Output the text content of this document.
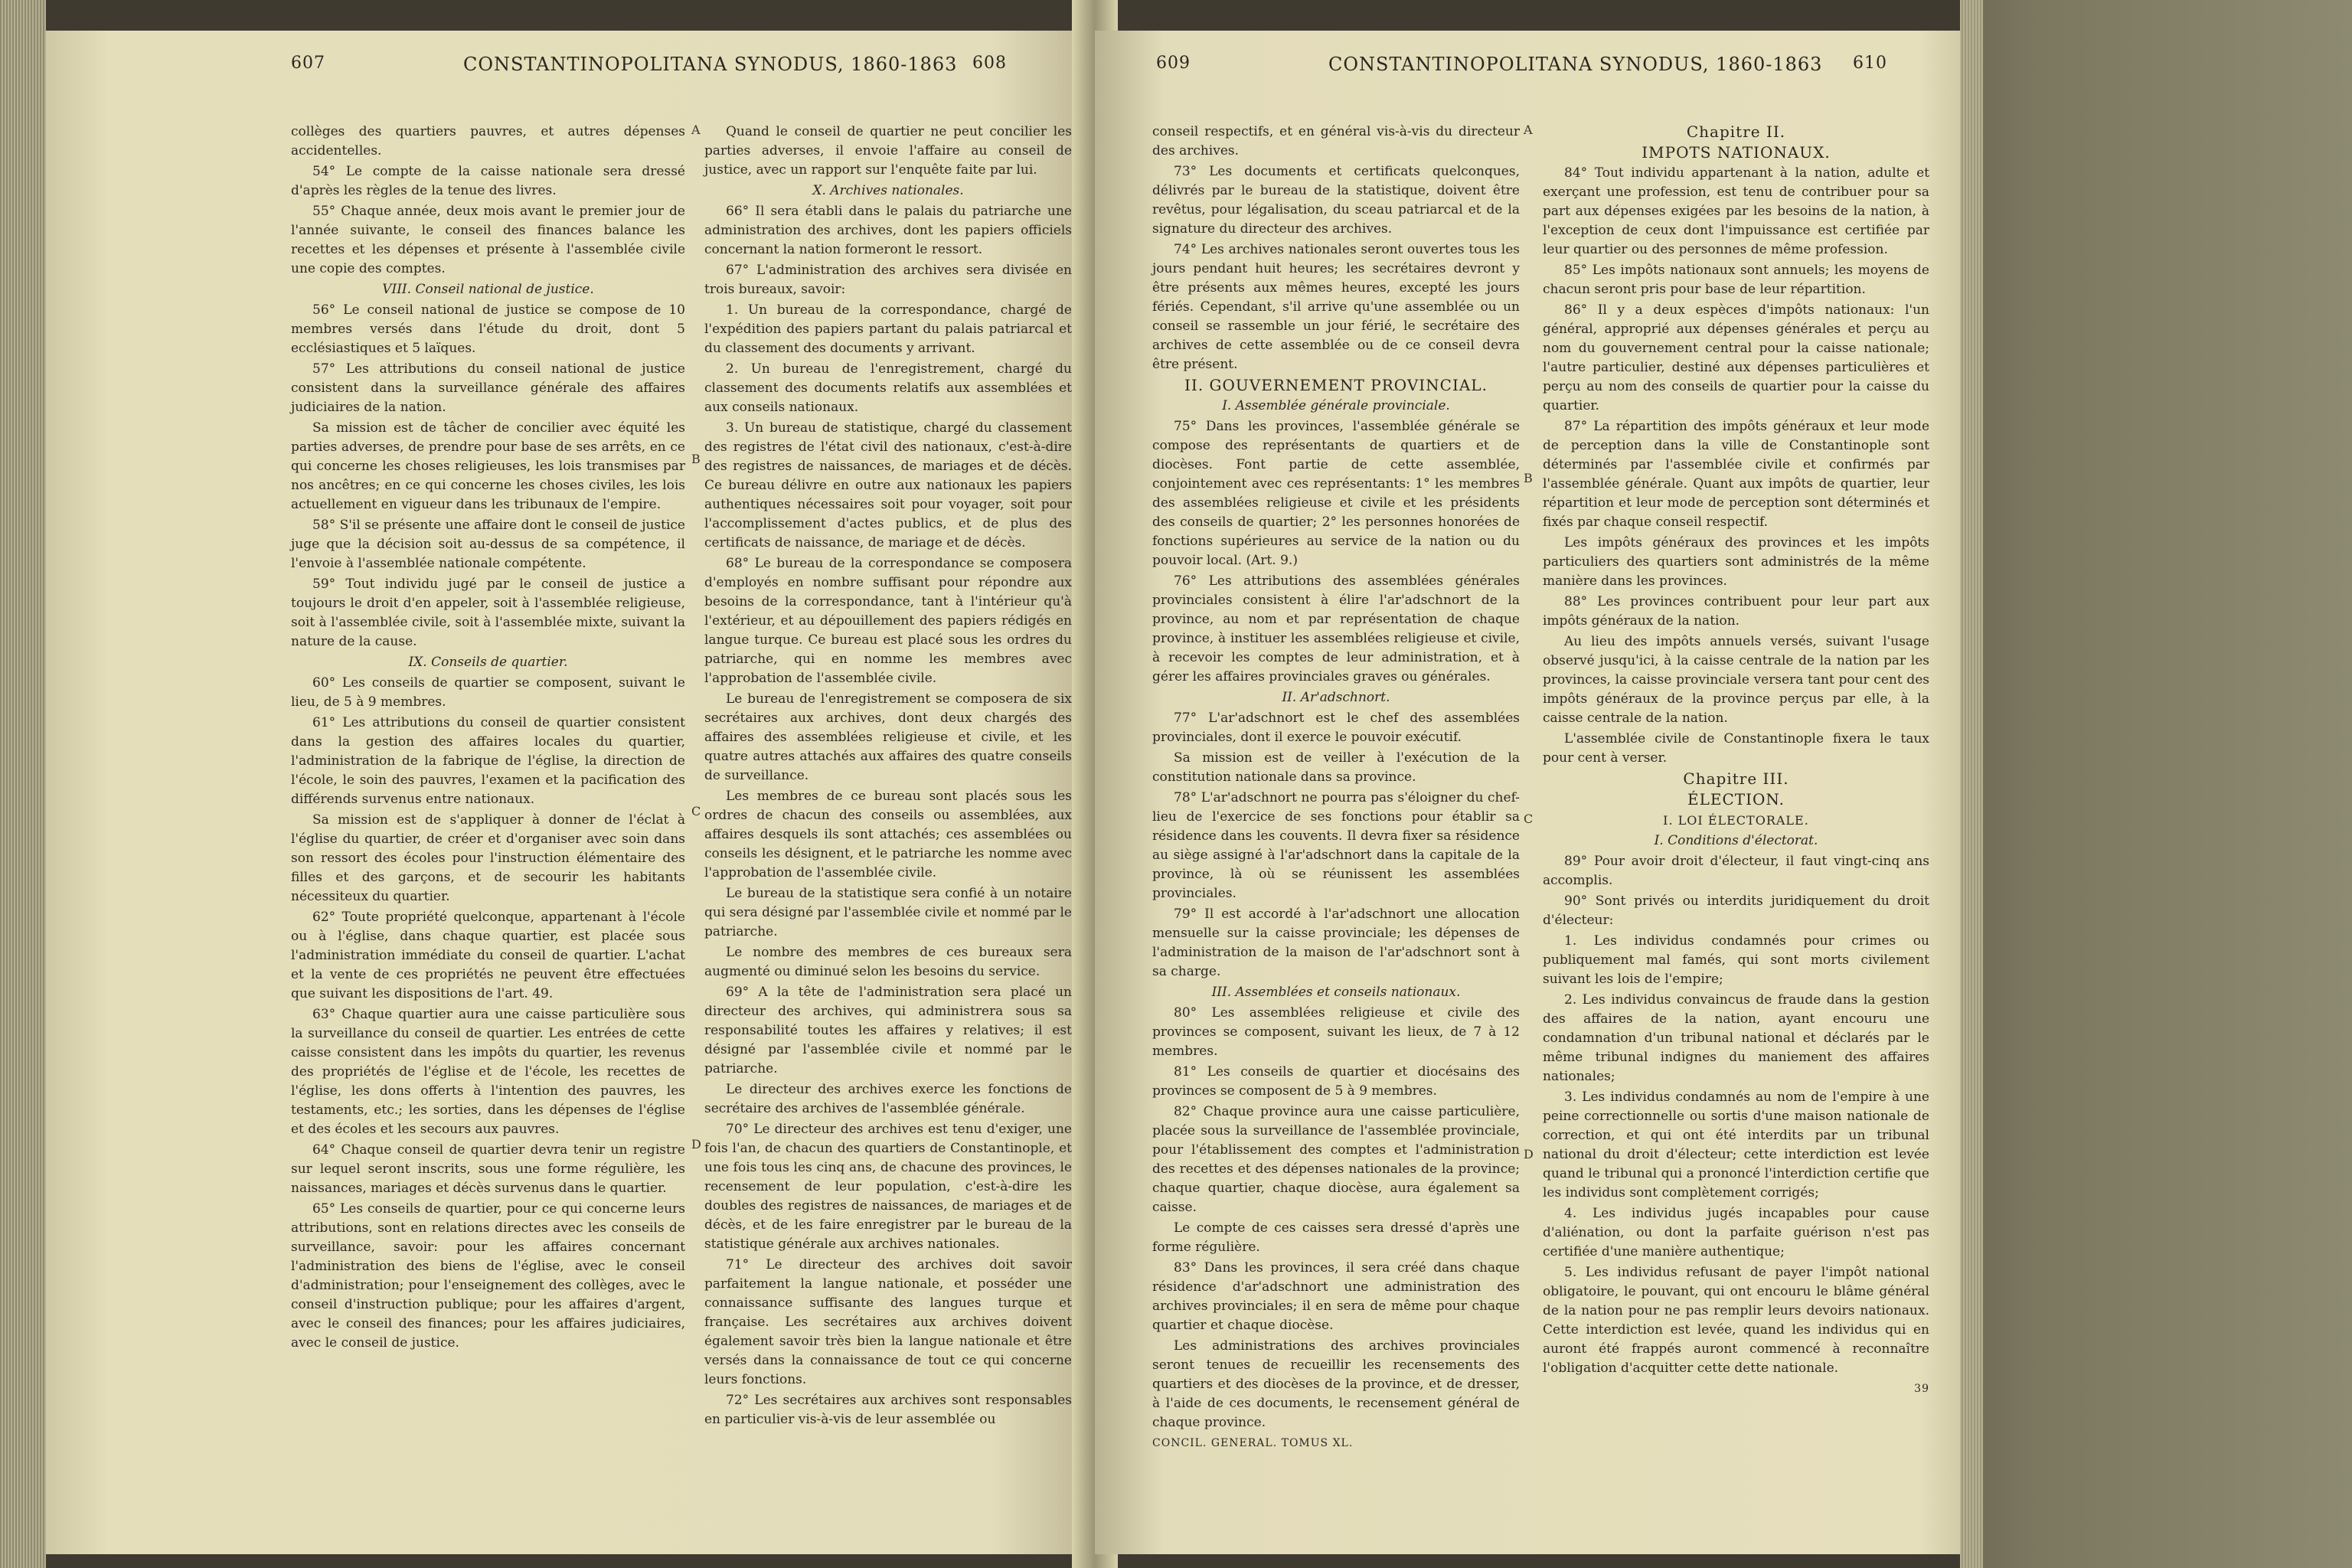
607	CONSTANTINOPOLITANA SYNODUS, 1860-1863 608

collèges des quartiers pauvres, et autres dépenses accidentelles.

54° Le compte de la caisse nationale sera dressé d'après les règles de la tenue des livres.

55° Chaque année, deux mois avant le premier jour de l'année suivante, le conseil des finances balance les recettes et les dépenses et présente à l'assemblée civile une copie des comptes.

VIII. Conseil national de justice.

56° Le conseil national de justice se compose de 10 membres versés dans l'étude du droit, dont 5 ecclésiastiques et 5 laïques.

57° Les attributions du conseil national de justice consistent dans la surveillance générale des affaires judiciaires de la nation.

Sa mission est de tâcher de concilier avec équité les parties adverses, de prendre pour base de ses arrêts, en ce qui concerne les choses religieuses, les lois transmises par nos ancêtres; en ce qui concerne les choses civiles, les lois actuellement en vigueur dans les tribunaux de l'empire.

58° S'il se présente une affaire dont le conseil de justice juge que la décision soit au-dessus de sa compétence, il l'envoie à l'assemblée nationale compétente.

59° Tout individu jugé par le conseil de justice a toujours le droit d'en appeler, soit à l'assemblée religieuse, soit à l'assemblée civile, soit à l'assemblée mixte, suivant la nature de la cause.

IX. Conseils de quartier.

60° Les conseils de quartier se composent, suivant le lieu, de 5 à 9 membres.

61° Les attributions du conseil de quartier consistent dans la gestion des affaires locales du quartier, l'administration de la fabrique de l'église, la direction de l'école, le soin des pauvres, l'examen et la pacification des différends survenus entre nationaux.

Sa mission est de s'appliquer à donner de l'éclat à l'église du quartier, de créer et d'organiser avec soin dans son ressort des écoles pour l'instruction élémentaire des filles et des garçons, et de secourir les habitants nécessiteux du quartier.

62° Toute propriété quelconque, appartenant à l'école ou à l'église, dans chaque quartier, est placée sous l'administration immédiate du conseil de quartier. L'achat et la vente de ces propriétés ne peuvent être effectuées que suivant les dispositions de l'art. 49.

63° Chaque quartier aura une caisse particulière sous la surveillance du conseil de quartier. Les entrées de cette caisse consistent dans les impôts du quartier, les revenus des propriétés de l'église et de l'école, les recettes de l'église, les dons offerts à l'intention des pauvres, les testaments, etc.; les sorties, dans les dépenses de l'église et des écoles et les secours aux pauvres.

64° Chaque conseil de quartier devra tenir un registre sur lequel seront inscrits, sous une forme régulière, les naissances, mariages et décès survenus dans le quartier.

65° Les conseils de quartier, pour ce qui concerne leurs attributions, sont en relations directes avec les conseils de surveillance, savoir: pour les affaires concernant l'administration des biens de l'église, avec le conseil d'administration; pour l'enseignement des collèges, avec le conseil d'instruction publique; pour les affaires d'argent, avec le conseil des finances; pour les affaires judiciaires, avec le conseil de justice.

A
B
C
D

Quand le conseil de quartier ne peut concilier les parties adverses, il envoie l'affaire au conseil de justice, avec un rapport sur l'enquête faite par lui.

X. Archives nationales.

66° Il sera établi dans le palais du patriarche une administration des archives, dont les papiers officiels concernant la nation formeront le ressort.

67° L'administration des archives sera divisée en trois bureaux, savoir:

1. Un bureau de la correspondance, chargé de l'expédition des papiers partant du palais patriarcal et du classement des documents y arrivant.

2. Un bureau de l'enregistrement, chargé du classement des documents relatifs aux assemblées et aux conseils nationaux.

3. Un bureau de statistique, chargé du classement des registres de l'état civil des nationaux, c'est-à-dire des registres de naissances, de mariages et de décès. Ce bureau délivre en outre aux nationaux les papiers authentiques nécessaires soit pour voyager, soit pour l'accomplissement d'actes publics, et de plus des certificats de naissance, de mariage et de décès.

68° Le bureau de la correspondance se composera d'employés en nombre suffisant pour répondre aux besoins de la correspondance, tant à l'intérieur qu'à l'extérieur, et au dépouillement des papiers rédigés en langue turque. Ce bureau est placé sous les ordres du patriarche, qui en nomme les membres avec l'approbation de l'assemblée civile.

Le bureau de l'enregistrement se composera de six secrétaires aux archives, dont deux chargés des affaires des assemblées religieuse et civile, et les quatre autres attachés aux affaires des quatre conseils de surveillance.

Les membres de ce bureau sont placés sous les ordres de chacun des conseils ou assemblées, aux affaires desquels ils sont attachés; ces assemblées ou conseils les désignent, et le patriarche les nomme avec l'approbation de l'assemblée civile.

Le bureau de la statistique sera confié à un notaire qui sera désigné par l'assemblée civile et nommé par le patriarche.

Le nombre des membres de ces bureaux sera augmenté ou diminué selon les besoins du service.

69° A la tête de l'administration sera placé un directeur des archives, qui administrera sous sa responsabilité toutes les affaires y relatives; il est désigné par l'assemblée civile et nommé par le patriarche.

Le directeur des archives exerce les fonctions de secrétaire des archives de l'assemblée générale.

70° Le directeur des archives est tenu d'exiger, une fois l'an, de chacun des quartiers de Constantinople, et une fois tous les cinq ans, de chacune des provinces, le recensement de leur population, c'est-à-dire les doubles des registres de naissances, de mariages et de décès, et de les faire enregistrer par le bureau de la statistique générale aux archives nationales.

71° Le directeur des archives doit savoir parfaitement la langue nationale, et posséder une connaissance suffisante des langues turque et française. Les secrétaires aux archives doivent également savoir très bien la langue nationale et être versés dans la connaissance de tout ce qui concerne leurs fonctions.

72° Les secrétaires aux archives sont responsables en particulier vis-à-vis de leur assemblée ou

609	CONSTANTINOPOLITANA SYNODUS, 1860-1863 610

conseil respectifs, et en général vis-à-vis du directeur des archives.

73° Les documents et certificats quelconques, délivrés par le bureau de la statistique, doivent être revêtus, pour légalisation, du sceau patriarcal et de la signature du directeur des archives.

74° Les archives nationales seront ouvertes tous les jours pendant huit heures; les secrétaires devront y être présents aux mêmes heures, excepté les jours fériés. Cependant, s'il arrive qu'une assemblée ou un conseil se rassemble un jour férié, le secrétaire des archives de cette assemblée ou de ce conseil devra être présent.

II. GOUVERNEMENT PROVINCIAL.

I. Assemblée générale provinciale.

75° Dans les provinces, l'assemblée générale se compose des représentants de quartiers et de diocèses. Font partie de cette assemblée, conjointement avec ces représentants: 1° les membres des assemblées religieuse et civile et les présidents des conseils de quartier; 2° les personnes honorées de fonctions supérieures au service de la nation ou du pouvoir local. (Art. 9.)

76° Les attributions des assemblées générales provinciales consistent à élire l'ar'adschnort de la province, au nom et par représentation de chaque province, à instituer les assemblées religieuse et civile, à recevoir les comptes de leur administration, et à gérer les affaires provinciales graves ou générales.

II. Ar'adschnort.

77° L'ar'adschnort est le chef des assemblées provinciales, dont il exerce le pouvoir exécutif.

Sa mission est de veiller à l'exécution de la constitution nationale dans sa province.

78° L'ar'adschnort ne pourra pas s'éloigner du chef-lieu de l'exercice de ses fonctions pour établir sa résidence dans les couvents. Il devra fixer sa résidence au siège assigné à l'ar'adschnort dans la capitale de la province, là où se réunissent les assemblées provinciales.

79° Il est accordé à l'ar'adschnort une allocation mensuelle sur la caisse provinciale; les dépenses de l'administration de la maison de l'ar'adschnort sont à sa charge.

III. Assemblées et conseils nationaux.

80° Les assemblées religieuse et civile des provinces se composent, suivant les lieux, de 7 à 12 membres.

81° Les conseils de quartier et diocésains des provinces se composent de 5 à 9 membres.

82° Chaque province aura une caisse particulière, placée sous la surveillance de l'assemblée provinciale, pour l'établissement des comptes et l'administration des recettes et des dépenses nationales de la province; chaque quartier, chaque diocèse, aura également sa caisse.

Le compte de ces caisses sera dressé d'après une forme régulière.

83° Dans les provinces, il sera créé dans chaque résidence d'ar'adschnort une administration des archives provinciales; il en sera de même pour chaque quartier et chaque diocèse.

Les administrations des archives provinciales seront tenues de recueillir les recensements des quartiers et des diocèses de la province, et de dresser, à l'aide de ces documents, le recensement général de chaque province.

CONCIL. GENERAL. TOMUS XL.

A
B
C
D

Chapitre II.

IMPOTS NATIONAUX.

84° Tout individu appartenant à la nation, adulte et exerçant une profession, est tenu de contribuer pour sa part aux dépenses exigées par les besoins de la nation, à l'exception de ceux dont l'impuissance est certifiée par leur quartier ou des personnes de même profession.

85° Les impôts nationaux sont annuels; les moyens de chacun seront pris pour base de leur répartition.

86° Il y a deux espèces d'impôts nationaux: l'un général, approprié aux dépenses générales et perçu au nom du gouvernement central pour la caisse nationale; l'autre particulier, destiné aux dépenses particulières et perçu au nom des conseils de quartier pour la caisse du quartier.

87° La répartition des impôts généraux et leur mode de perception dans la ville de Constantinople sont déterminés par l'assemblée civile et confirmés par l'assemblée générale. Quant aux impôts de quartier, leur répartition et leur mode de perception sont déterminés et fixés par chaque conseil respectif.

Les impôts généraux des provinces et les impôts particuliers des quartiers sont administrés de la même manière dans les provinces.

88° Les provinces contribuent pour leur part aux impôts généraux de la nation.

Au lieu des impôts annuels versés, suivant l'usage observé jusqu'ici, à la caisse centrale de la nation par les provinces, la caisse provinciale versera tant pour cent des impôts généraux de la province perçus par elle, à la caisse centrale de la nation.

L'assemblée civile de Constantinople fixera le taux pour cent à verser.

Chapitre III.

ÉLECTION.

I. LOI ÉLECTORALE.

I. Conditions d'électorat.

89° Pour avoir droit d'électeur, il faut vingt-cinq ans accomplis.

90° Sont privés ou interdits juridiquement du droit d'électeur:

1. Les individus condamnés pour crimes ou publiquement mal famés, qui sont morts civilement suivant les lois de l'empire;

2. Les individus convaincus de fraude dans la gestion des affaires de la nation, ayant encouru une condamnation d'un tribunal national et déclarés par le même tribunal indignes du maniement des affaires nationales;

3. Les individus condamnés au nom de l'empire à une peine correctionnelle ou sortis d'une maison nationale de correction, et qui ont été interdits par un tribunal national du droit d'électeur; cette interdiction est levée quand le tribunal qui a prononcé l'interdiction certifie que les individus sont complètement corrigés;

4. Les individus jugés incapables pour cause d'aliénation, ou dont la parfaite guérison n'est pas certifiée d'une manière authentique;

5. Les individus refusant de payer l'impôt national obligatoire, le pouvant, qui ont encouru le blâme général de la nation pour ne pas remplir leurs devoirs nationaux. Cette interdiction est levée, quand les individus qui en auront été frappés auront commencé à reconnaître l'obligation d'acquitter cette dette nationale.

39
